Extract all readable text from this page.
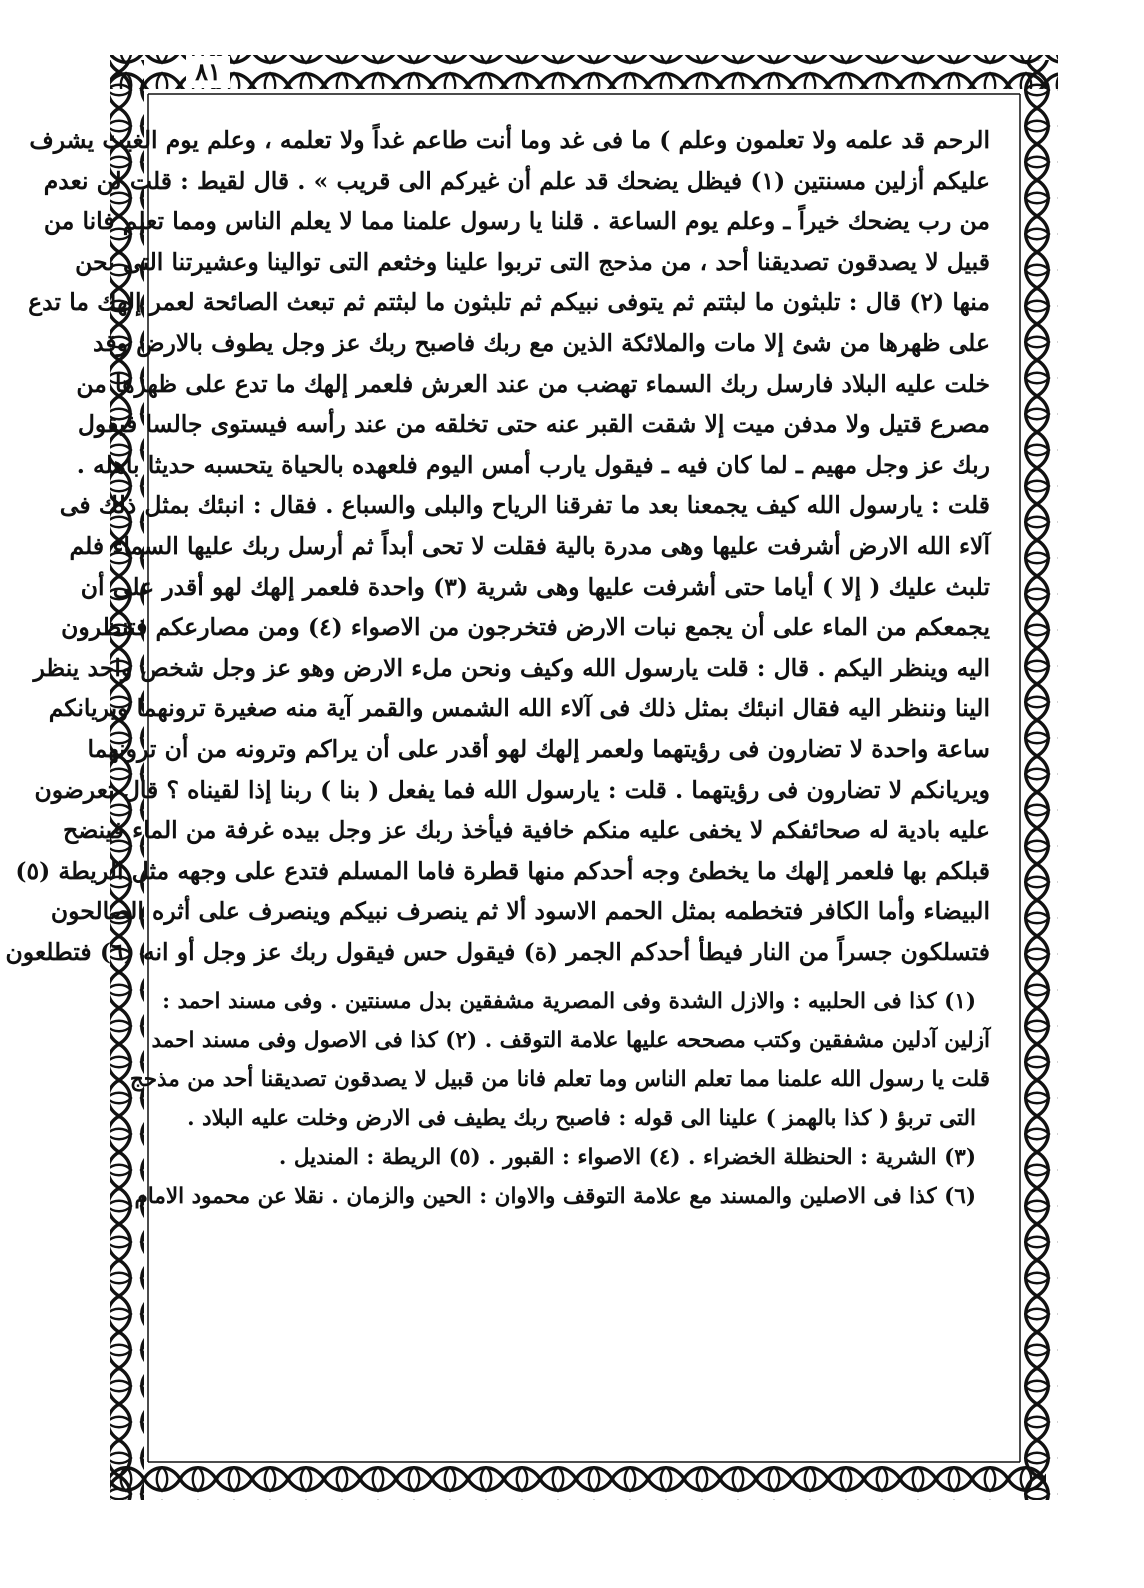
٨١
الرحم قد علمه ولا تعلمون وعلم ) ما فى غد وما أنت طاعم غداً ولا تعلمه ، وعلم يوم الغيث يشرف
عليكم أزلين مسنتين (١) فيظل يضحك قد علم أن غيركم الى قريب » . قال لقيط : قلت لن نعدم
من رب يضحك خيراً ـ وعلم يوم الساعة . قلنا يا رسول علمنا مما لا يعلم الناس ومما تعلم فانا من
قبيل لا يصدقون تصديقنا أحد ، من مذحج التى تربوا علينا وخثعم التى توالينا وعشيرتنا التى نحن
منها (٢) قال : تلبثون ما لبثتم ثم يتوفى نبيكم ثم تلبثون ما لبثتم ثم تبعث الصائحة لعمر إلهك ما تدع
على ظهرها من شئ إلا مات والملائكة الذين مع ربك فاصبح ربك عز وجل يطوف بالارض وقد
خلت عليه البلاد فارسل ربك السماء تهضب من عند العرش فلعمر إلهك ما تدع على ظهرها من
مصرع قتيل ولا مدفن ميت إلا شقت القبر عنه حتى تخلقه من عند رأسه فيستوى جالسا فيقول
ربك عز وجل مهيم ـ لما كان فيه ـ فيقول يارب أمس اليوم فلعهده بالحياة يتحسبه حديثا باهله .
قلت : يارسول الله كيف يجمعنا بعد ما تفرقنا الرياح والبلى والسباع . فقال : انبئك بمثل ذلك فى
آلاء الله الارض أشرفت عليها وهى مدرة بالية فقلت لا تحى أبداً ثم أرسل ربك عليها السماء فلم
تلبث عليك ( إلا ) أياما حتى أشرفت عليها وهى شرية (٣) واحدة فلعمر إلهك لهو أقدر على أن
يجمعكم من الماء على أن يجمع نبات الارض فتخرجون من الاصواء (٤) ومن مصارعكم فتنظرون
اليه وينظر اليكم . قال : قلت يارسول الله وكيف ونحن ملء الارض وهو عز وجل شخص واحد ينظر
الينا وننظر اليه فقال انبئك بمثل ذلك فى آلاء الله الشمس والقمر آية منه صغيرة ترونهما ويريانكم
ساعة واحدة لا تضارون فى رؤيتهما ولعمر إلهك لهو أقدر على أن يراكم وترونه من أن ترونهما
ويريانكم لا تضارون فى رؤيتهما . قلت : يارسول الله فما يفعل ( بنا ) ربنا إذا لقيناه ؟ قال تعرضون
عليه بادية له صحائفكم لا يخفى عليه منكم خافية فيأخذ ربك عز وجل بيده غرفة من الماء فينضح
قبلكم بها فلعمر إلهك ما يخطئ وجه أحدكم منها قطرة فاما المسلم فتدع على وجهه مثل الريطة (٥)
البيضاء وأما الكافر فتخطمه بمثل الحمم الاسود ألا ثم ينصرف نبيكم وينصرف على أثره الصالحون
فتسلكون جسراً من النار فيطأ أحدكم الجمر (ة) فيقول حس فيقول ربك عز وجل أو انه (٦) فتطلعون
(١) كذا فى الحلبيه : والازل الشدة وفى المصرية مشفقين بدل مسنتين . وفى مسند احمد :
آزلين آدلين مشفقين وكتب مصححه عليها علامة التوقف . (٢) كذا فى الاصول وفى مسند احمد
قلت يا رسول الله علمنا مما تعلم الناس وما تعلم فانا من قبيل لا يصدقون تصديقنا أحد من مذحج
التى تربؤ ( كذا بالهمز ) علينا الى قوله : فاصبح ربك يطيف فى الارض وخلت عليه البلاد .
(٣) الشرية : الحنظلة الخضراء . (٤) الاصواء : القبور . (٥) الريطة : المنديل .
(٦) كذا فى الاصلين والمسند مع علامة التوقف والاوان : الحين والزمان . نقلا عن محمود الامام
